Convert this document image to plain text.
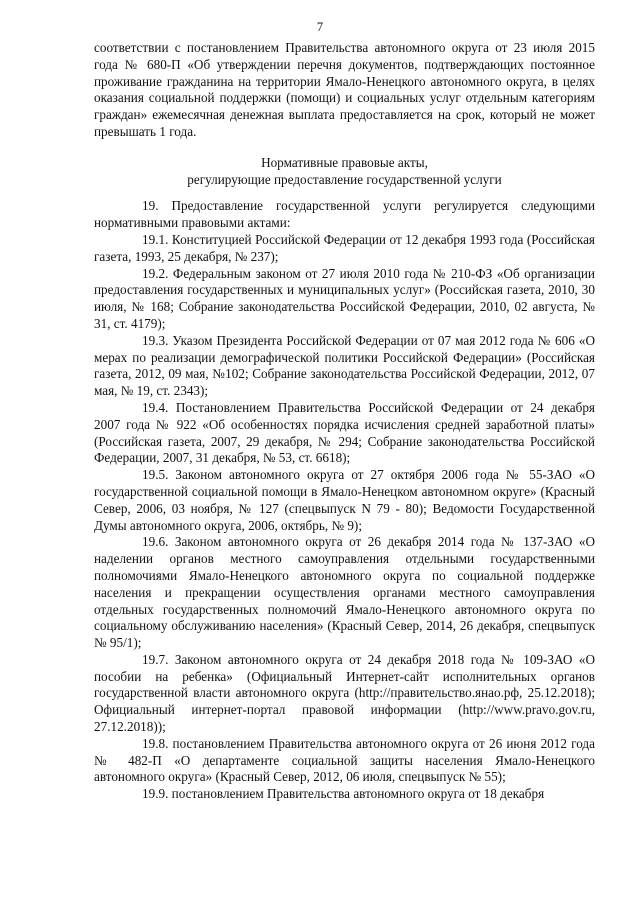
7

соответствии с постановлением Правительства автономного округа от 23 июля 2015 года № 680-П «Об утверждении перечня документов, подтверждающих постоянное проживание гражданина на территории Ямало-Ненецкого автономного округа, в целях оказания социальной поддержки (помощи) и социальных услуг отдельным категориям граждан» ежемесячная денежная выплата предоставляется на срок, который не может превышать 1 года.

Нормативные правовые акты,

регулирующие предоставление государственной услуги

19. Предоставление государственной услуги регулируется следующими нормативными правовыми актами:

19.1. Конституцией Российской Федерации от 12 декабря 1993 года (Российская газета, 1993, 25 декабря, № 237);

19.2. Федеральным законом от 27 июля 2010 года № 210-ФЗ «Об организации предоставления государственных и муниципальных услуг» (Российская газета, 2010, 30 июля, № 168; Собрание законодательства Российской Федерации, 2010, 02 августа, № 31, ст. 4179);

19.3. Указом Президента Российской Федерации от 07 мая 2012 года № 606 «О мерах по реализации демографической политики Российской Федерации» (Российская газета, 2012, 09 мая, №102; Собрание законодательства Российской Федерации, 2012, 07 мая, № 19, ст. 2343);

19.4. Постановлением Правительства Российской Федерации от 24 декабря 2007 года № 922 «Об особенностях порядка исчисления средней заработной платы» (Российская газета, 2007, 29 декабря, № 294; Собрание законодательства Российской Федерации, 2007, 31 декабря, № 53, ст. 6618);

19.5. Законом автономного округа от 27 октября 2006 года № 55-ЗАО «О государственной социальной помощи в Ямало-Ненецком автономном округе» (Красный Север, 2006, 03 ноября, № 127 (спецвыпуск N 79 - 80); Ведомости Государственной Думы автономного округа, 2006, октябрь, № 9);

19.6. Законом автономного округа от 26 декабря 2014 года № 137-ЗАО «О наделении органов местного самоуправления отдельными государственными полномочиями Ямало-Ненецкого автономного округа по социальной поддержке населения и прекращении осуществления органами местного самоуправления отдельных государственных полномочий Ямало-Ненецкого автономного округа по социальному обслуживанию населения» (Красный Север, 2014, 26 декабря, спецвыпуск № 95/1);

19.7. Законом автономного округа от 24 декабря 2018 года № 109-ЗАО «О пособии на ребенка» (Официальный Интернет-сайт исполнительных органов государственной власти автономного округа (http://правительство.янао.рф, 25.12.2018); Официальный интернет-портал правовой информации (http://www.pravo.gov.ru, 27.12.2018));

19.8. постановлением Правительства автономного округа от 26 июня 2012 года № 482-П «О департаменте социальной защиты населения Ямало-Ненецкого автономного округа» (Красный Север, 2012, 06 июля, спецвыпуск № 55);

19.9. постановлением Правительства автономного округа от 18 декабря
